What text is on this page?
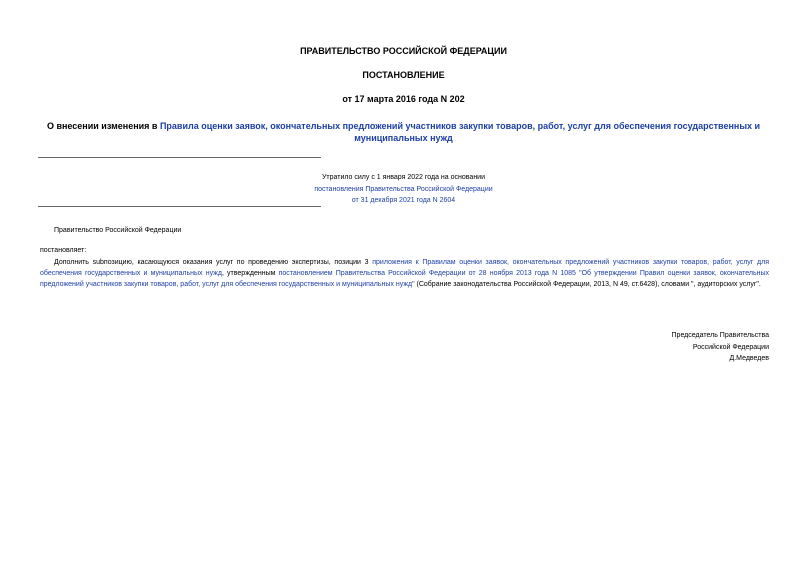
ПРАВИТЕЛЬСТВО РОССИЙСКОЙ ФЕДЕРАЦИИ
ПОСТАНОВЛЕНИЕ
от 17 марта 2016 года N 202
О внесении изменения в Правила оценки заявок, окончательных предложений участников закупки товаров, работ, услуг для обеспечения государственных и муниципальных нужд
Утратило силу с 1 января 2022 года на основании
постановления Правительства Российской Федерации
от 31 декабря 2021 года N 2604
Правительство Российской Федерации
постановляет:
Дополнить subпозицию, касающуюся оказания услуг по проведению экспертизы, позиции 3 приложения к Правилам оценки заявок, окончательных предложений участников закупки товаров, работ, услуг для обеспечения государственных и муниципальных нужд, утвержденным постановлением Правительства Российской Федерации от 28 ноября 2013 года N 1085 "Об утверждении Правил оценки заявок, окончательных предложений участников закупки товаров, работ, услуг для обеспечения государственных и муниципальных нужд" (Собрание законодательства Российской Федерации, 2013, N 49, ст.6428), словами ", аудиторских услуг".
Председатель Правительства
Российской Федерации
Д.Медведев
